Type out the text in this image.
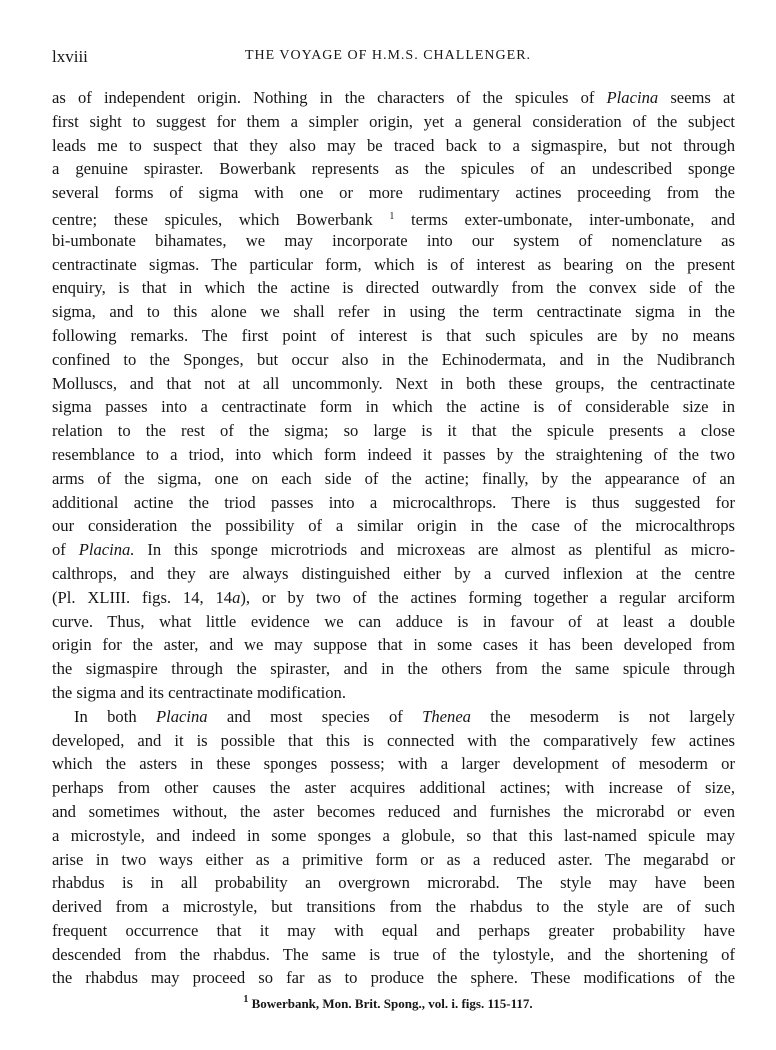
lxviii	THE VOYAGE OF H.M.S. CHALLENGER.
as of independent origin. Nothing in the characters of the spicules of Placina seems at
first sight to suggest for them a simpler origin, yet a general consideration of the subject
leads me to suspect that they also may be traced back to a sigmaspire, but not through
a genuine spiraster. Bowerbank represents as the spicules of an undescribed sponge
several forms of sigma with one or more rudimentary actines proceeding from the
centre; these spicules, which Bowerbank $^1$ terms exter-umbonate, inter-umbonate, and
bi-umbonate bihamates, we may incorporate into our system of nomenclature as
centractinate sigmas. The particular form, which is of interest as bearing on the present
enquiry, is that in which the actine is directed outwardly from the convex side of the
sigma, and to this alone we shall refer in using the term centractinate sigma in the
following remarks. The first point of interest is that such spicules are by no means
confined to the Sponges, but occur also in the Echinodermata, and in the Nudibranch
Molluscs, and that not at all uncommonly. Next in both these groups, the centractinate
sigma passes into a centractinate form in which the actine is of considerable size in
relation to the rest of the sigma; so large is it that the spicule presents a close
resemblance to a triod, into which form indeed it passes by the straightening of the two
arms of the sigma, one on each side of the actine; finally, by the appearance of an
additional actine the triod passes into a microcalthrops. There is thus suggested for
our consideration the possibility of a similar origin in the case of the microcalthrops
of Placina. In this sponge microtriods and microxeas are almost as plentiful as micro-
calthrops, and they are always distinguished either by a curved inflexion at the centre
(Pl. XLIII. figs. 14, 14a), or by two of the actines forming together a regular arciform
curve. Thus, what little evidence we can adduce is in favour of at least a double
origin for the aster, and we may suppose that in some cases it has been developed from
the sigmaspire through the spiraster, and in the others from the same spicule through
the sigma and its centractinate modification.
In both Placina and most species of Thenea the mesoderm is not largely
developed, and it is possible that this is connected with the comparatively few actines
which the asters in these sponges possess; with a larger development of mesoderm or
perhaps from other causes the aster acquires additional actines; with increase of size,
and sometimes without, the aster becomes reduced and furnishes the microrabd or even
a microstyle, and indeed in some sponges a globule, so that this last-named spicule may
arise in two ways either as a primitive form or as a reduced aster. The megarabd or
rhabdus is in all probability an overgrown microrabd. The style may have been
derived from a microstyle, but transitions from the rhabdus to the style are of such
frequent occurrence that it may with equal and perhaps greater probability have
descended from the rhabdus. The same is true of the tylostyle, and the shortening of
the rhabdus may proceed so far as to produce the sphere. These modifications of the
$^1$ Bowerbank, Mon. Brit. Spong., vol. i. figs. 115-117.
